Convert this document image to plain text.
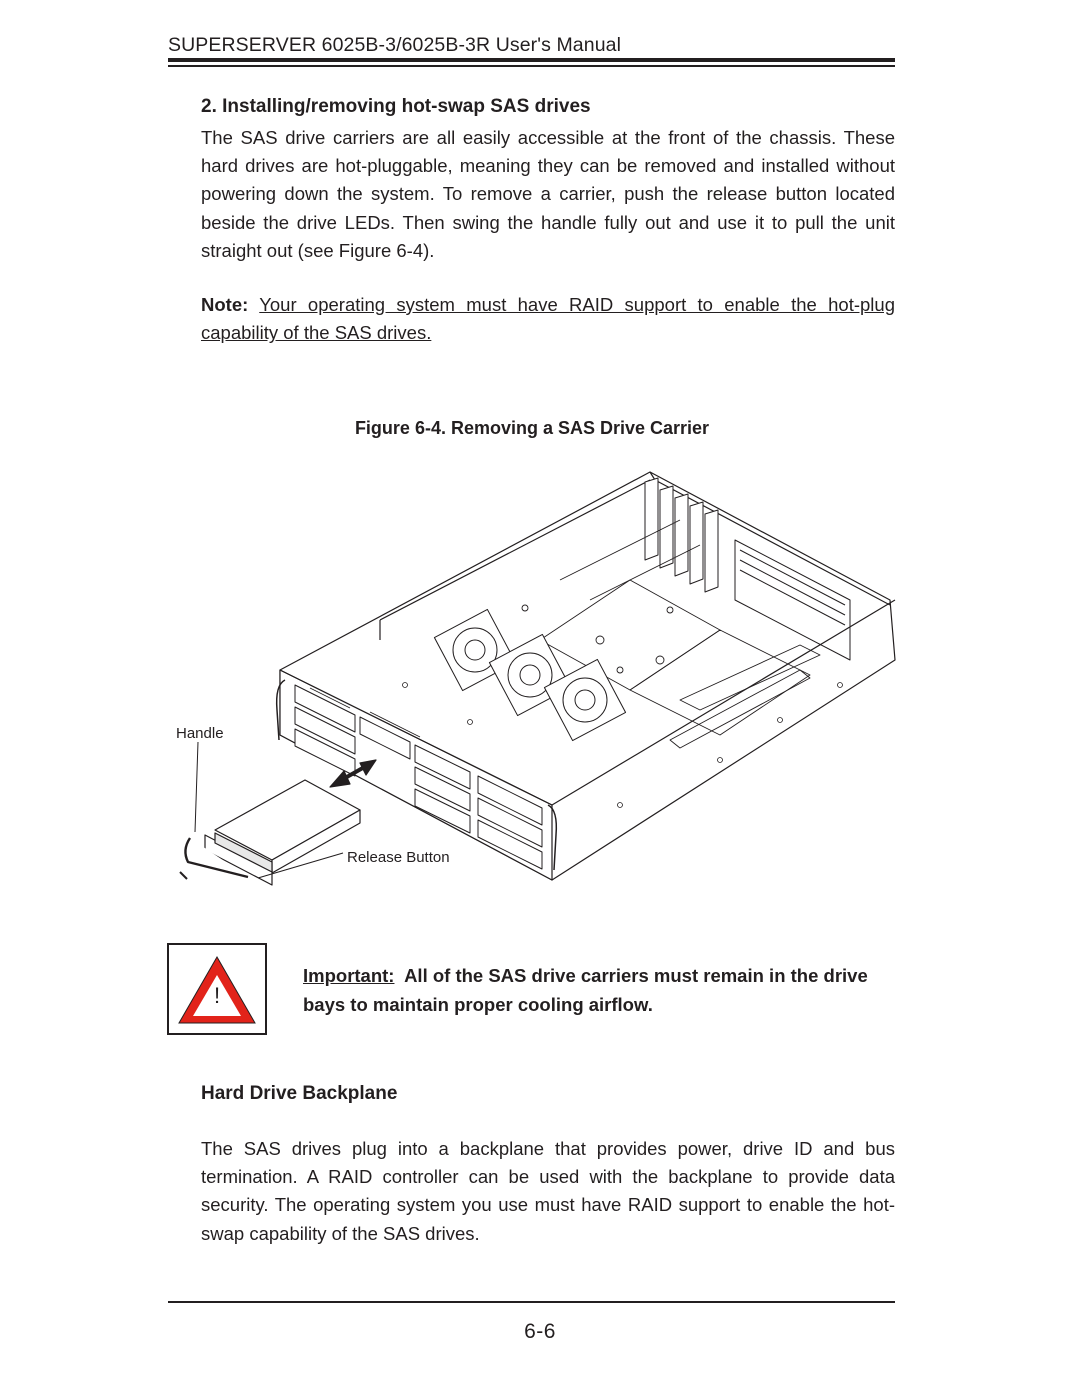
SUPERSERVER 6025B-3/6025B-3R User's Manual
2. Installing/removing hot-swap SAS drives
The SAS drive carriers are all easily accessible at the front of the chassis. These hard drives are hot-pluggable, meaning they can be removed and installed without powering down the system. To remove a carrier, push the release button located beside the drive LEDs. Then swing the handle fully out and use it to pull the unit straight out (see Figure 6-4).
Note: Your operating system must have RAID support to enable the hot-plug capability of the SAS drives.
Figure 6-4. Removing a SAS Drive Carrier
Handle
Release Button
!
Important: All of the SAS drive carriers must remain in the drive bays to maintain proper cooling airflow.
Hard Drive Backplane
The SAS drives plug into a backplane that provides power, drive ID and bus termination. A RAID controller can be used with the backplane to provide data security. The operating system you use must have RAID support to enable the hot-swap capability of the SAS drives.
6-6
